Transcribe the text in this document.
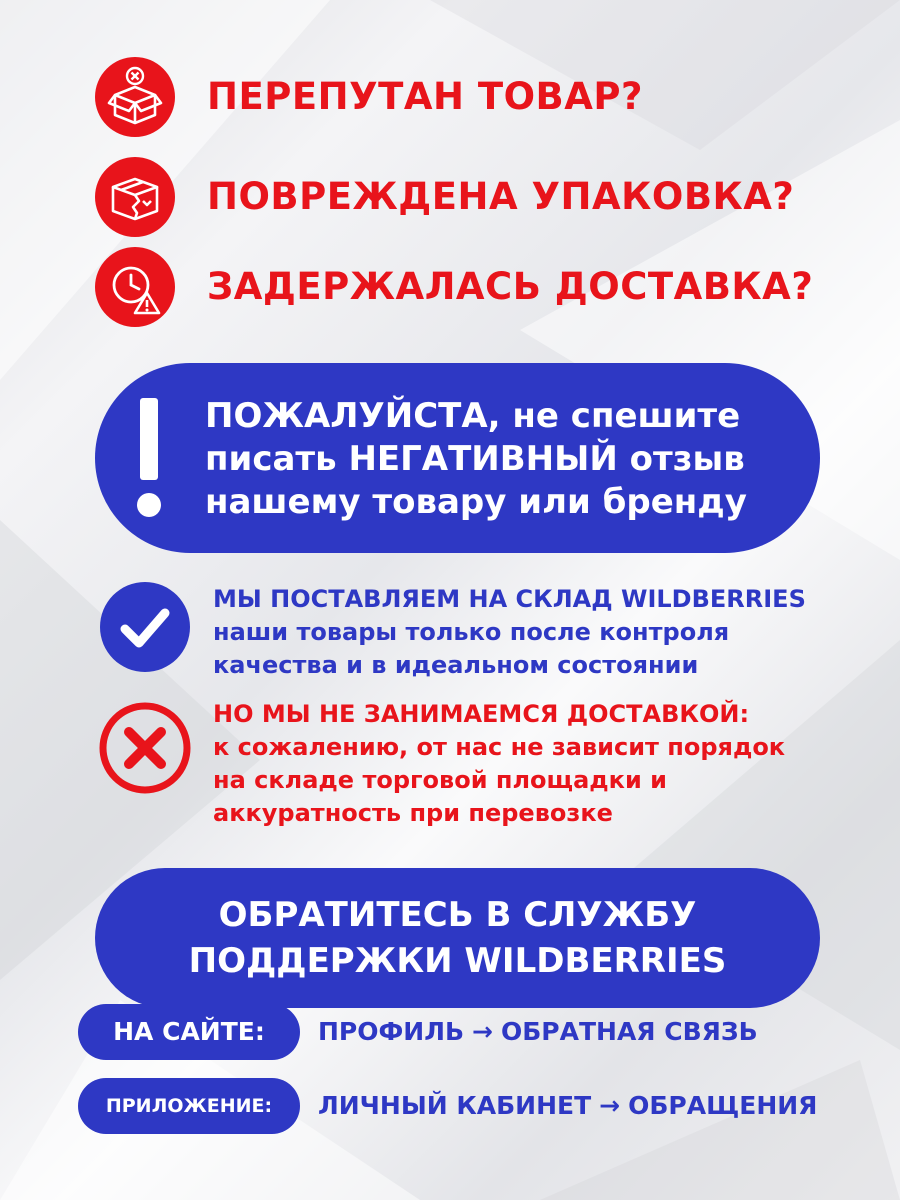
ПЕРЕПУТАН ТОВАР?
ПОВРЕЖДЕНА УПАКОВКА?
ЗАДЕРЖАЛАСЬ ДОСТАВКА?
ПОЖАЛУЙСТА, не спешите
писать НЕГАТИВНЫЙ отзыв
нашему товару или бренду
МЫ ПОСТАВЛЯЕМ НА СКЛАД WILDBERRIES
наши товары только после контроля
качества и в идеальном состоянии
НО МЫ НЕ ЗАНИМАЕМСЯ ДОСТАВКОЙ:
к сожалению, от нас не зависит порядок
на складе торговой площадки и
аккуратность при перевозке
ОБРАТИТЕСЬ В СЛУЖБУ
ПОДДЕРЖКИ WILDBERRIES
НА САЙТЕ:	ПРОФИЛЬ → ОБРАТНАЯ СВЯЗЬ
ПРИЛОЖЕНИЕ:	ЛИЧНЫЙ КАБИНЕТ → ОБРАЩЕНИЯ
